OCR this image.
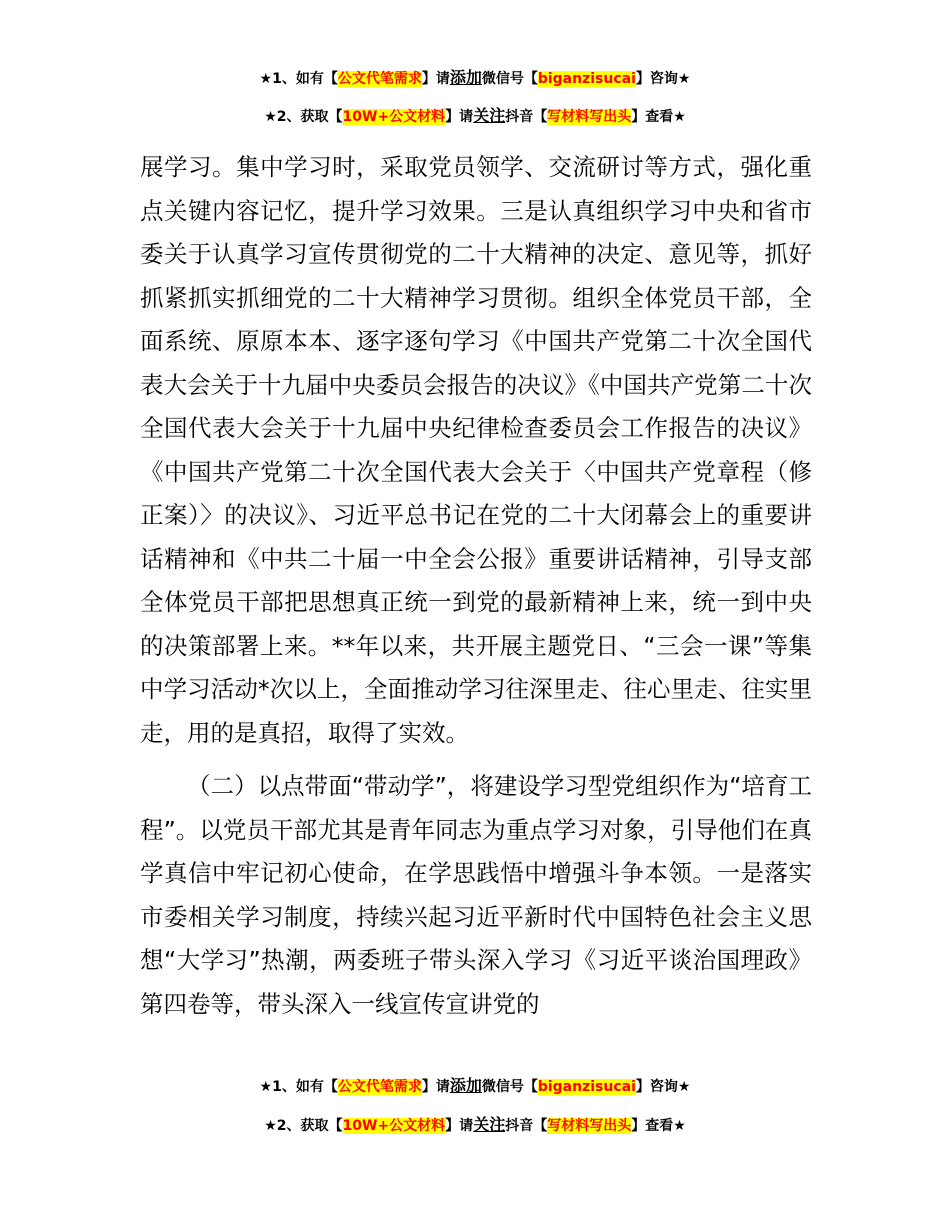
★1、如有【公文代笔需求】请添加微信号【biganzisucai】咨询★
★2、获取【10W+公文材料】请关注抖音【写材料写出头】查看★

展学习。集中学习时，采取党员领学、交流研讨等方式，强化重点关键内容记忆，提升学习效果。三是认真组织学习中央和省市委关于认真学习宣传贯彻党的二十大精神的决定、意见等，抓好抓紧抓实抓细党的二十大精神学习贯彻。组织全体党员干部，全面系统、原原本本、逐字逐句学习《中国共产党第二十次全国代表大会关于十九届中央委员会报告的决议》《中国共产党第二十次全国代表大会关于十九届中央纪律检查委员会工作报告的决议》《中国共产党第二十次全国代表大会关于〈中国共产党章程（修正案）〉的决议》、习近平总书记在党的二十大闭幕会上的重要讲话精神和《中共二十届一中全会公报》重要讲话精神，引导支部全体党员干部把思想真正统一到党的最新精神上来，统一到中央的决策部署上来。**年以来，共开展主题党日、“三会一课”等集中学习活动*次以上，全面推动学习往深里走、往心里走、往实里走，用的是真招，取得了实效。

（二）以点带面“带动学”，将建设学习型党组织作为“培育工程”。以党员干部尤其是青年同志为重点学习对象，引导他们在真学真信中牢记初心使命，在学思践悟中增强斗争本领。一是落实市委相关学习制度，持续兴起习近平新时代中国特色社会主义思想“大学习”热潮，两委班子带头深入学习《习近平谈治国理政》第四卷等，带头深入一线宣传宣讲党的

★1、如有【公文代笔需求】请添加微信号【biganzisucai】咨询★
★2、获取【10W+公文材料】请关注抖音【写材料写出头】查看★
